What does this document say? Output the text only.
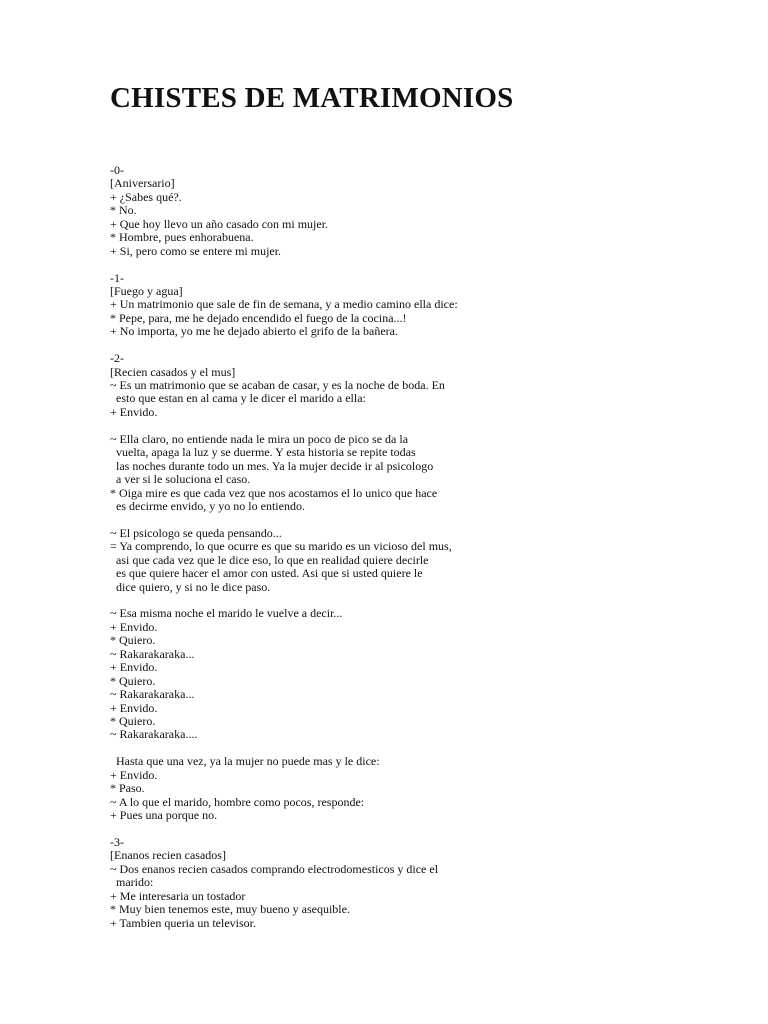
CHISTES DE MATRIMONIOS
-0-
[Aniversario]
+ ¿Sabes qué?.
* No.
+ Que hoy llevo un año casado con mi mujer.
* Hombre, pues enhorabuena.
+ Si, pero como se entere mi mujer.

-1-
[Fuego y agua]
+ Un matrimonio que sale de fin de semana, y a medio camino ella dice:
* Pepe, para, me he dejado encendido el fuego de la cocina...!
+ No importa, yo me he dejado abierto el grifo de la bañera.

-2-
[Recien casados y el mus]
~ Es un matrimonio que se acaban de casar, y es la noche de boda. En
esto que estan en al cama y le dicer el marido a ella:
+ Envido.

~ Ella claro, no entiende nada le mira un poco de pico se da la
vuelta, apaga la luz y se duerme. Y esta historia se repite todas
las noches durante todo un mes. Ya la mujer decide ir al psicologo
a ver si le soluciona el caso.
* Oiga mire es que cada vez que nos acostamos el lo unico que hace
es decirme envido, y yo no lo entiendo.

~ El psicologo se queda pensando...
= Ya comprendo, lo que ocurre es que su marido es un vicioso del mus,
asi que cada vez que le dice eso, lo que en realidad quiere decirle
es que quiere hacer el amor con usted. Asi que si usted quiere le
dice quiero, y si no le dice paso.

~ Esa misma noche el marido le vuelve a decir...
+ Envido.
* Quiero.
~ Rakarakaraka...
+ Envido.
* Quiero.
~ Rakarakaraka...
+ Envido.
* Quiero.
~ Rakarakaraka....

Hasta que una vez, ya la mujer no puede mas y le dice:
+ Envido.
* Paso.
~ A lo que el marido, hombre como pocos, responde:
+ Pues una porque no.

-3-
[Enanos recien casados]
~ Dos enanos recien casados comprando electrodomesticos y dice el
marido:
+ Me interesaria un tostador
* Muy bien tenemos este, muy bueno y asequible.
+ Tambien queria un televisor.
